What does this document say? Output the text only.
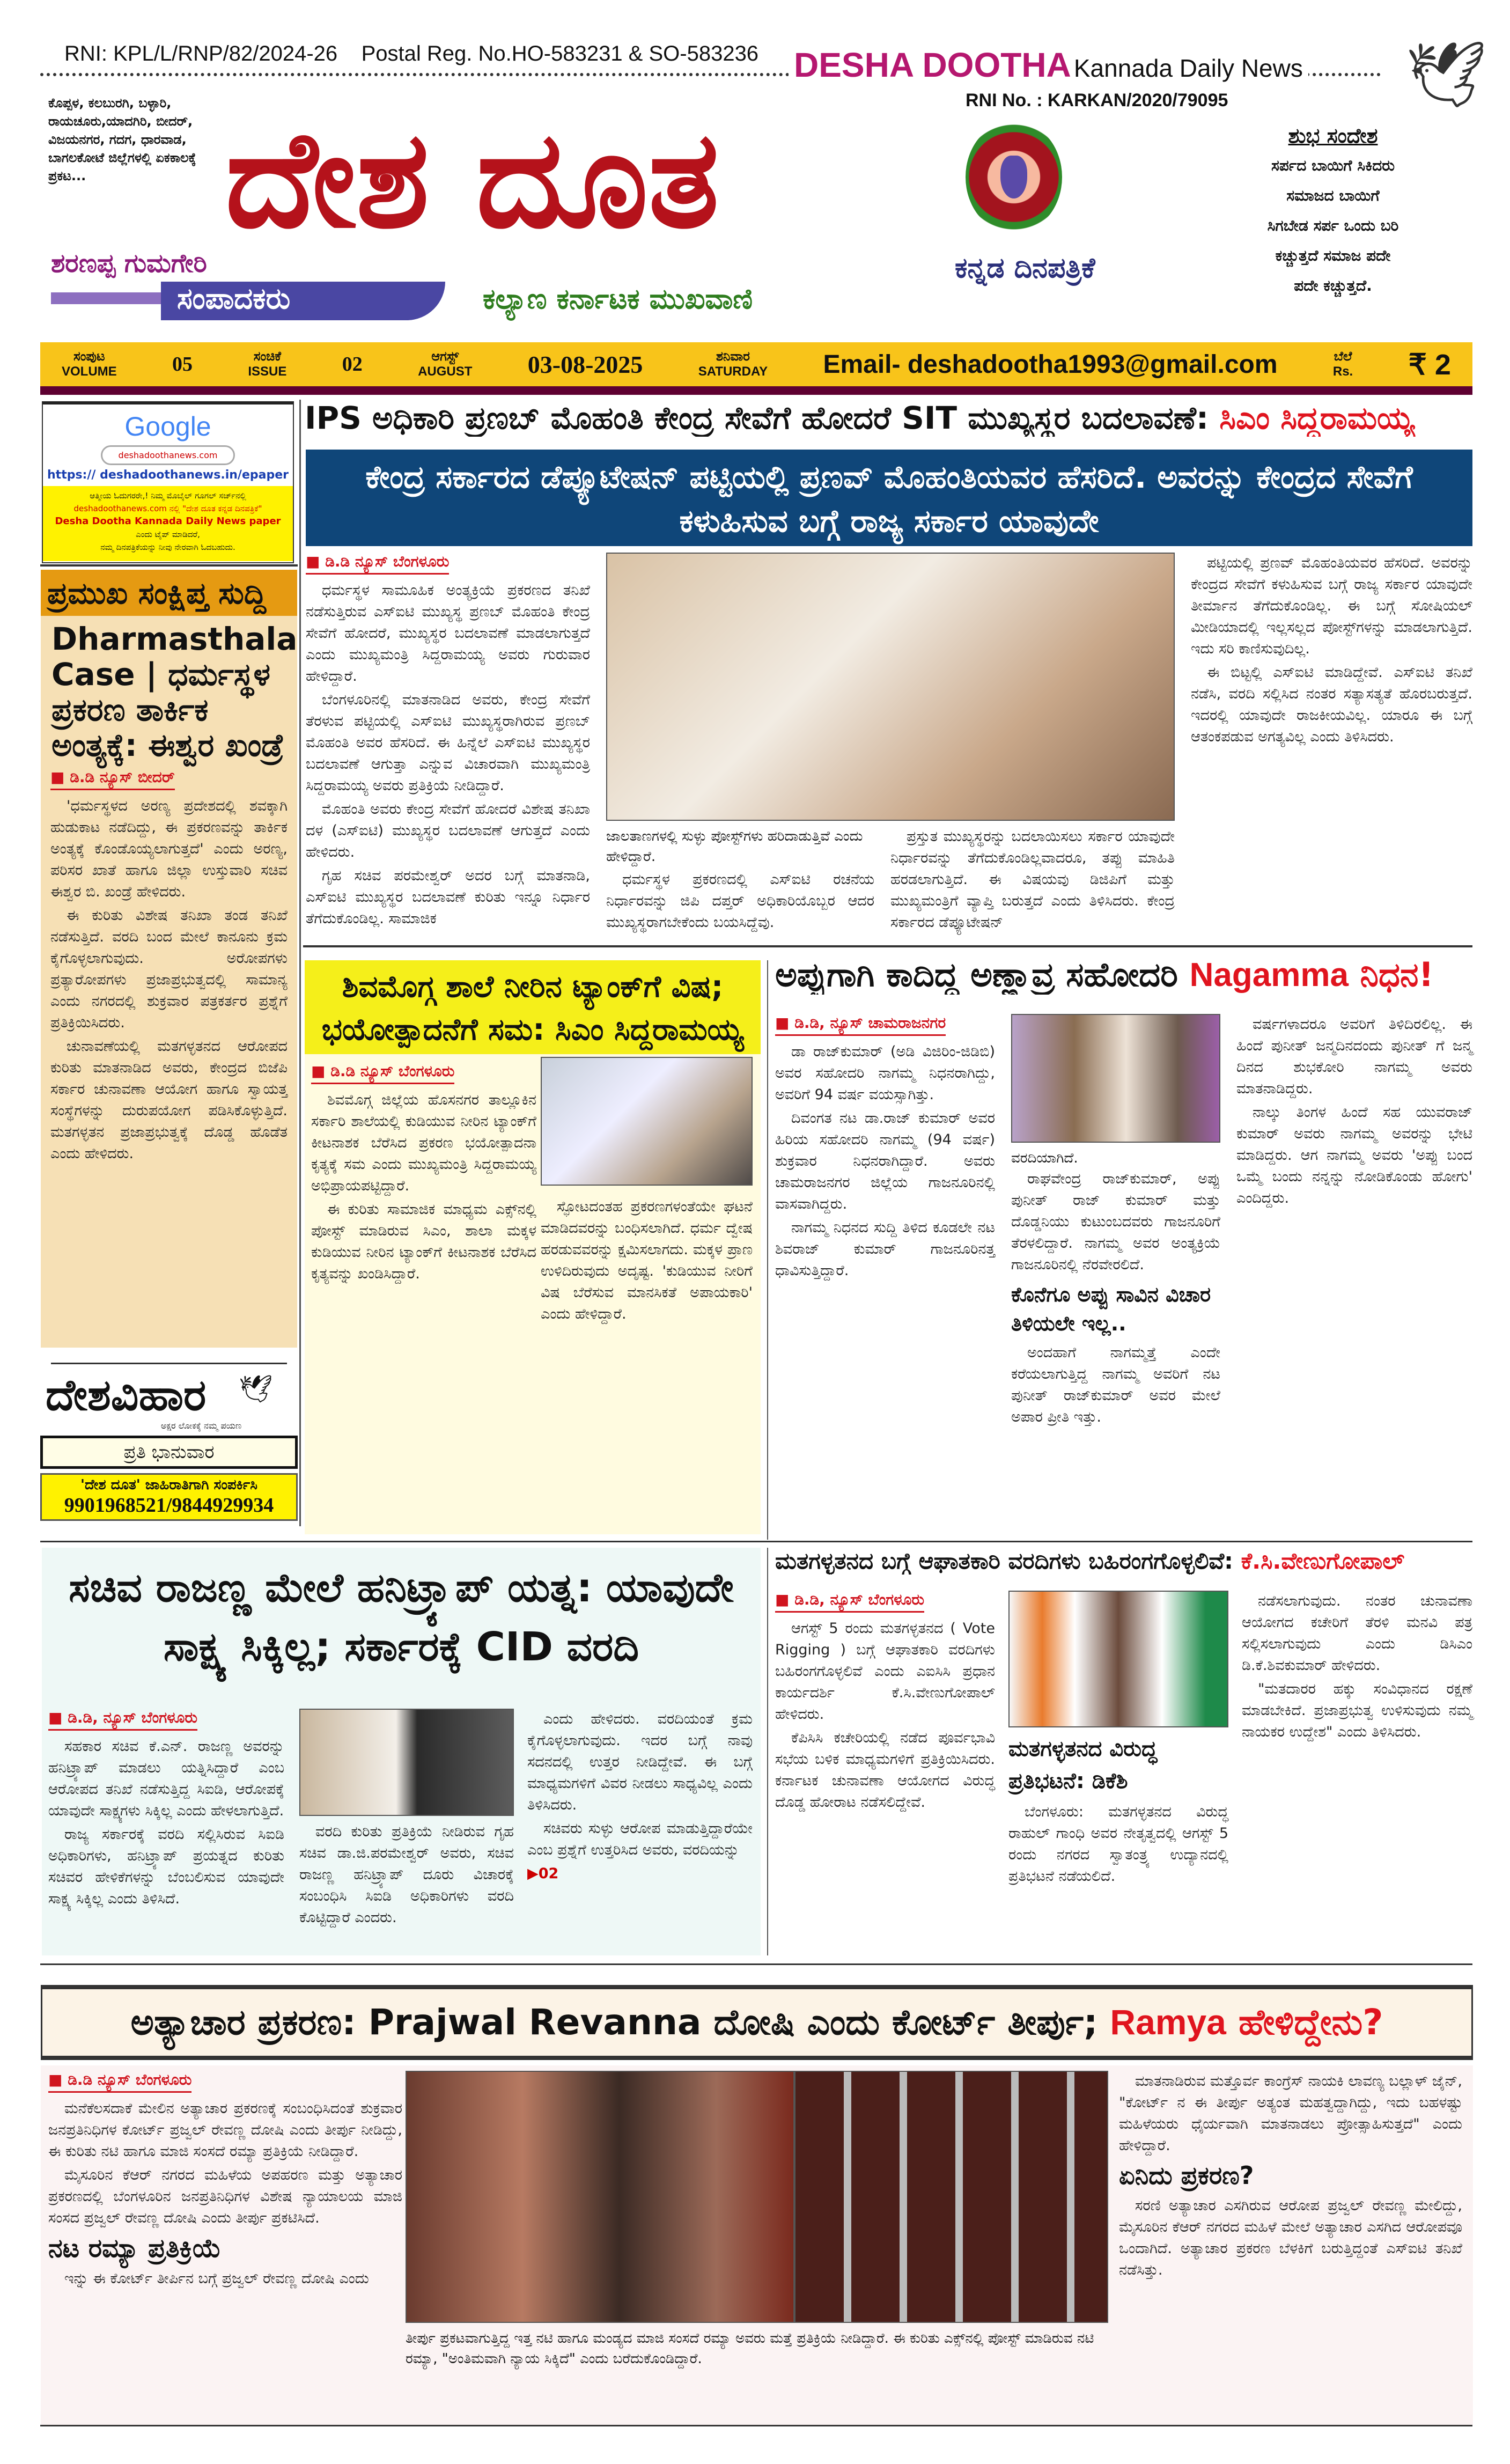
RNI: KPL/L/RNP/82/2024-26 Postal Reg. No.HO-583231 & SO-583236 DESHA DOOTHA Kannada Daily News 🕊
RNI No. : KARKAN/2020/79095
ಕೊಪ್ಪಳ, ಕಲಬುರಗಿ, ಬಳ್ಳಾರಿ, ರಾಯಚೂರು,ಯಾದಗಿರಿ, ಬೀದರ್, ವಿಜಯನಗರ, ಗದಗ, ಧಾರವಾಡ, ಬಾಗಲಕೋಟೆ ಜಿಲ್ಲೆಗಳಲ್ಲಿ ಏಕಕಾಲಕ್ಕೆ ಪ್ರಕಟ...	ದೇಶ ದೂತ
ಶರಣಪ್ಪ ಗುಮಗೇರಿ
ಸಂಪಾದಕರು	ಕಲ್ಯಾಣ ಕರ್ನಾಟಕ ಮುಖವಾಣಿ
ಕನ್ನಡ ದಿನಪತ್ರಿಕೆ
ಶುಭ ಸಂದೇಶ
ಸರ್ಪದ ಬಾಯಿಗೆ ಸಿಕಿದರು
ಸಮಾಜದ ಬಾಯಿಗೆ
ಸಿಗಬೇಡ ಸರ್ಪ ಒಂದು ಬರಿ
ಕಚ್ಚುತ್ತದೆ ಸಮಾಜ ಪದೇ
ಪದೇ ಕಚ್ಚುತ್ತದೆ.
ಸಂಪುಟ
VOLUME	05	ಸಂಚಿಕೆ
ISSUE	02	ಆಗಸ್ಟ್
AUGUST 03-08-2025	ಶನಿವಾರ
SATURDAY Email- deshadootha1993@gmail.com	ಬೆಲೆ
Rs. ₹ 2
Google
deshadoothanews.com
https:// deshadoothanews.in/epaper
ಆತ್ಮೀಯ ಓದುಗರರೇ,! ನಿಮ್ಮ ಮೊಬೈಲ್ ಗೂಗಲ್ ಸರ್ಚ್‌ನಲ್ಲಿ
deshadoothanews.com ನಲ್ಲಿ "ದೇಶ ದೂತ ಕನ್ನಡ ದಿನಪತ್ರಿಕೆ"
Desha Dootha Kannada Daily News paper
ಎಂದು ಟೈಪ್ ಮಾಡಿದರೆ,
ನಮ್ಮ ದಿನಪತ್ರಿಕೆಯನ್ನು ನೀವು ನೇರವಾಗಿ ಓದಬಹುದು.
ಪ್ರಮುಖ ಸಂಕ್ಷಿಪ್ತ ಸುದ್ದಿ
Dharmasthala Case | ಧರ್ಮಸ್ಥಳ ಪ್ರಕರಣ ತಾರ್ಕಿಕ ಅಂತ್ಯಕ್ಕೆ: ಈಶ್ವರ ಖಂಡ್ರೆ
■ ಡಿ.ಡಿ ನ್ಯೂಸ್ ಬೀದರ್

'ಧರ್ಮಸ್ಥಳದ ಅರಣ್ಯ ಪ್ರದೇಶದಲ್ಲಿ ಶವಕ್ಕಾಗಿ ಹುಡುಕಾಟ ನಡೆದಿದ್ದು, ಈ ಪ್ರಕರಣವನ್ನು ತಾರ್ಕಿಕ ಅಂತ್ಯಕ್ಕೆ ಕೊಂಡೊಯ್ಯಲಾಗುತ್ತದೆ' ಎಂದು ಅರಣ್ಯ, ಪರಿಸರ ಖಾತೆ ಹಾಗೂ ಜಿಲ್ಲಾ ಉಸ್ತುವಾರಿ ಸಚಿವ ಈಶ್ವರ ಬಿ. ಖಂಡ್ರೆ ಹೇಳಿದರು.

ಈ ಕುರಿತು ವಿಶೇಷ ತನಿಖಾ ತಂಡ ತನಿಖೆ ನಡೆಸುತ್ತಿದೆ. ವರದಿ ಬಂದ ಮೇಲೆ ಕಾನೂನು ಕ್ರಮ ಕೈಗೊಳ್ಳಲಾಗುವುದು. ಅರೋಪಗಳು ಪ್ರತ್ಯಾರೋಪಗಳು ಪ್ರಜಾಪ್ರಭುತ್ವದಲ್ಲಿ ಸಾಮಾನ್ಯ ಎಂದು ನಗರದಲ್ಲಿ ಶುಕ್ರವಾರ ಪತ್ರಕರ್ತರ ಪ್ರಶ್ನೆಗೆ ಪ್ರತಿಕ್ರಿಯಿಸಿದರು.

ಚುನಾವಣೆಯಲ್ಲಿ ಮತಗಳ್ಳತನದ ಆರೋಪದ ಕುರಿತು ಮಾತನಾಡಿದ ಅವರು, ಕೇಂದ್ರದ ಬಿಜೆಪಿ ಸರ್ಕಾರ ಚುನಾವಣಾ ಆಯೋಗ ಹಾಗೂ ಸ್ವಾಯತ್ತ ಸಂಸ್ಥೆಗಳನ್ನು ದುರುಪಯೋಗ ಪಡಿಸಿಕೊಳ್ಳುತ್ತಿದೆ. ಮತಗಳ್ಳತನ ಪ್ರಜಾಪ್ರಭುತ್ವಕ್ಕೆ ದೊಡ್ಡ ಹೊಡೆತ ಎಂದು ಹೇಳಿದರು.

ದೇಶವಿಹಾರ	🕊
ಅಕ್ಷರ ಲೋಕಕ್ಕೆ ನಮ್ಮ ಪಯಣ
ಪ್ರತಿ ಭಾನುವಾರ
'ದೇಶ ದೂತ' ಜಾಹಿರಾತಿಗಾಗಿ ಸಂಪರ್ಕಿಸಿ
9901968521/9844929934
IPS ಅಧಿಕಾರಿ ಪ್ರಣಬ್ ಮೊಹಂತಿ ಕೇಂದ್ರ ಸೇವೆಗೆ ಹೋದರೆ SIT ಮುಖ್ಯಸ್ಥರ ಬದಲಾವಣೆ: ಸಿಎಂ ಸಿದ್ದರಾಮಯ್ಯ
ಕೇಂದ್ರ ಸರ್ಕಾರದ ಡೆಪ್ಯೂಟೇಷನ್ ಪಟ್ಟಿಯಲ್ಲಿ ಪ್ರಣವ್ ಮೊಹಂತಿಯವರ ಹೆಸರಿದೆ. ಅವರನ್ನು ಕೇಂದ್ರದ ಸೇವೆಗೆ ಕಳುಹಿಸುವ ಬಗ್ಗೆ ರಾಜ್ಯ ಸರ್ಕಾರ ಯಾವುದೇ
■ ಡಿ.ಡಿ ನ್ಯೂಸ್ ಬೆಂಗಳೂರು

ಧರ್ಮಸ್ಥಳ ಸಾಮೂಹಿಕ ಅಂತ್ಯಕ್ರಿಯೆ ಪ್ರಕರಣದ ತನಿಖೆ ನಡೆಸುತ್ತಿರುವ ಎಸ್‌ಐಟಿ ಮುಖ್ಯಸ್ಥ ಪ್ರಣಬ್ ಮೊಹಂತಿ ಕೇಂದ್ರ ಸೇವೆಗೆ ಹೋದರೆ, ಮುಖ್ಯಸ್ಥರ ಬದಲಾವಣೆ ಮಾಡಲಾಗುತ್ತದೆ ಎಂದು ಮುಖ್ಯಮಂತ್ರಿ ಸಿದ್ದರಾಮಯ್ಯ ಅವರು ಗುರುವಾರ ಹೇಳಿದ್ದಾರೆ.

ಬೆಂಗಳೂರಿನಲ್ಲಿ ಮಾತನಾಡಿದ ಅವರು, ಕೇಂದ್ರ ಸೇವೆಗೆ ತೆರಳುವ ಪಟ್ಟಿಯಲ್ಲಿ ಎಸ್‌ಐಟಿ ಮುಖ್ಯಸ್ಥರಾಗಿರುವ ಪ್ರಣಬ್ ಮೊಹಂತಿ ಅವರ ಹೆಸರಿದೆ. ಈ ಹಿನ್ನೆಲೆ ಎಸ್‌ಐಟಿ ಮುಖ್ಯಸ್ಥರ ಬದಲಾವಣೆ ಆಗುತ್ತಾ ಎನ್ನುವ ವಿಚಾರವಾಗಿ ಮುಖ್ಯಮಂತ್ರಿ ಸಿದ್ದರಾಮಯ್ಯ ಅವರು ಪ್ರತಿಕ್ರಿಯೆ ನೀಡಿದ್ದಾರೆ.

ಮೊಹಂತಿ ಅವರು ಕೇಂದ್ರ ಸೇವೆಗೆ ಹೋದರೆ ವಿಶೇಷ ತನಿಖಾ ದಳ (ಎಸ್‌ಐಟಿ) ಮುಖ್ಯಸ್ಥರ ಬದಲಾವಣೆ ಆಗುತ್ತದೆ ಎಂದು ಹೇಳಿದರು.

ಗೃಹ ಸಚಿವ ಪರಮೇಶ್ವರ್ ಅದರ ಬಗ್ಗೆ ಮಾತನಾಡಿ, ಎಸ್‌ಐಟಿ ಮುಖ್ಯಸ್ಥರ ಬದಲಾವಣೆ ಕುರಿತು ಇನ್ನೂ ನಿರ್ಧಾರ ತೆಗೆದುಕೊಂಡಿಲ್ಲ. ಸಾಮಾಜಿಕ

ಜಾಲತಾಣಗಳಲ್ಲಿ ಸುಳ್ಳು ಪೋಸ್ಟ್‌ಗಳು ಹರಿದಾಡುತ್ತಿವೆ ಎಂದು ಹೇಳಿದ್ದಾರೆ.

ಧರ್ಮಸ್ಥಳ ಪ್ರಕರಣದಲ್ಲಿ ಎಸ್‌ಐಟಿ ರಚನೆಯ ನಿರ್ಧಾರವನ್ನು ಜಿಪಿ ದಪ್ತರ್ ಅಧಿಕಾರಿಯೊಬ್ಬರ ಆದರ ಮುಖ್ಯಸ್ಥರಾಗಬೇಕೆಂದು ಬಯಸಿದ್ದೆವು.

ಪ್ರಸ್ತುತ ಮುಖ್ಯಸ್ಥರನ್ನು ಬದಲಾಯಿಸಲು ಸರ್ಕಾರ ಯಾವುದೇ ನಿರ್ಧಾರವನ್ನು ತೆಗೆದುಕೊಂಡಿಲ್ಲವಾದರೂ, ತಪ್ಪು ಮಾಹಿತಿ ಹರಡಲಾಗುತ್ತಿದೆ. ಈ ವಿಷಯವು ಡಿಜಿಪಿಗೆ ಮತ್ತು ಮುಖ್ಯಮಂತ್ರಿಗೆ ವ್ಯಾಪ್ತಿ ಬರುತ್ತದೆ ಎಂದು ತಿಳಿಸಿದರು. ಕೇಂದ್ರ ಸರ್ಕಾರದ ಡೆಪ್ಯೂಟೇಷನ್

ಪಟ್ಟಿಯಲ್ಲಿ ಪ್ರಣವ್ ಮೊಹಂತಿಯವರ ಹೆಸರಿದೆ. ಅವರನ್ನು ಕೇಂದ್ರದ ಸೇವೆಗೆ ಕಳುಹಿಸುವ ಬಗ್ಗೆ ರಾಜ್ಯ ಸರ್ಕಾರ ಯಾವುದೇ ತೀರ್ಮಾನ ತೆಗೆದುಕೊಂಡಿಲ್ಲ. ಈ ಬಗ್ಗೆ ಸೋಷಿಯಲ್ ಮೀಡಿಯಾದಲ್ಲಿ ಇಲ್ಲಸಲ್ಲದ ಪೋಸ್ಟ್‌ಗಳನ್ನು ಮಾಡಲಾಗುತ್ತಿದೆ. ಇದು ಸರಿ ಕಾಣಿಸುವುದಿಲ್ಲ.

ಈ ಬಿಟ್ಟಲ್ಲಿ ಎಸ್‌ಐಟಿ ಮಾಡಿದ್ದೇವೆ. ಎಸ್‌ಐಟಿ ತನಿಖೆ ನಡೆಸಿ, ವರದಿ ಸಲ್ಲಿಸಿದ ನಂತರ ಸತ್ಯಾಸತ್ಯತೆ ಹೊರಬರುತ್ತದೆ. ಇದರಲ್ಲಿ ಯಾವುದೇ ರಾಜಕೀಯವಿಲ್ಲ. ಯಾರೂ ಈ ಬಗ್ಗೆ ಆತಂಕಪಡುವ ಅಗತ್ಯವಿಲ್ಲ ಎಂದು ತಿಳಿಸಿದರು.

ಶಿವಮೊಗ್ಗ ಶಾಲೆ ನೀರಿನ ಟ್ಯಾಂಕ್‌ಗೆ ವಿಷ; ಭಯೋತ್ಪಾದನೆಗೆ ಸಮ: ಸಿಎಂ ಸಿದ್ದರಾಮಯ್ಯ
■ ಡಿ.ಡಿ ನ್ಯೂಸ್ ಬೆಂಗಳೂರು

ಶಿವಮೊಗ್ಗ ಜಿಲ್ಲೆಯ ಹೊಸನಗರ ತಾಲ್ಲೂಕಿನ ಸರ್ಕಾರಿ ಶಾಲೆಯಲ್ಲಿ ಕುಡಿಯುವ ನೀರಿನ ಟ್ಯಾಂಕ್‌ಗೆ ಕೀಟನಾಶಕ ಬೆರೆಸಿದ ಪ್ರಕರಣ ಭಯೋತ್ಪಾದನಾ ಕೃತ್ಯಕ್ಕೆ ಸಮ ಎಂದು ಮುಖ್ಯಮಂತ್ರಿ ಸಿದ್ದರಾಮಯ್ಯ ಅಭಿಪ್ರಾಯಪಟ್ಟಿದ್ದಾರೆ.

ಈ ಕುರಿತು ಸಾಮಾಜಿಕ ಮಾಧ್ಯಮ ಎಕ್ಸ್‌ನಲ್ಲಿ ಪೋಸ್ಟ್ ಮಾಡಿರುವ ಸಿಎಂ, ಶಾಲಾ ಮಕ್ಕಳ ಕುಡಿಯುವ ನೀರಿನ ಟ್ಯಾಂಕ್‌ಗೆ ಕೀಟನಾಶಕ ಬೆರೆಸಿದ ಕೃತ್ಯವನ್ನು ಖಂಡಿಸಿದ್ದಾರೆ.

ಸ್ಫೋಟದಂತಹ ಪ್ರಕರಣಗಳಂತೆಯೇ ಘಟನೆ ಮಾಡಿದವರನ್ನು ಬಂಧಿಸಲಾಗಿದೆ. ಧರ್ಮ ದ್ವೇಷ ಹರಡುವವರನ್ನು ಕ್ಷಮಿಸಲಾಗದು. ಮಕ್ಕಳ ಪ್ರಾಣ ಉಳಿದಿರುವುದು ಅದೃಷ್ಟ. 'ಕುಡಿಯುವ ನೀರಿಗೆ ವಿಷ ಬೆರೆಸುವ ಮಾನಸಿಕತೆ ಅಪಾಯಕಾರಿ' ಎಂದು ಹೇಳಿದ್ದಾರೆ.

ಅಪ್ಪುಗಾಗಿ ಕಾದಿದ್ದ ಅಣ್ಣಾವ್ರ ಸಹೋದರಿ Nagamma ನಿಧನ!
■ ಡಿ.ಡಿ, ನ್ಯೂಸ್ ಚಾಮರಾಜನಗರ

ಡಾ ರಾಜ್‌ಕುಮಾರ್ (ಅಡಿ ವಿಜಿರಿಂ-ಜಿಡಿಬಿ) ಅವರ ಸಹೋದರಿ ನಾಗಮ್ಮ ನಿಧನರಾಗಿದ್ದು, ಅವರಿಗೆ 94 ವರ್ಷ ವಯಸ್ಸಾಗಿತ್ತು.

ದಿವಂಗತ ನಟ ಡಾ.ರಾಜ್ ಕುಮಾರ್ ಅವರ ಹಿರಿಯ ಸಹೋದರಿ ನಾಗಮ್ಮ (94 ವರ್ಷ) ಶುಕ್ರವಾರ ನಿಧನರಾಗಿದ್ದಾರೆ. ಅವರು ಚಾಮರಾಜನಗರ ಜಿಲ್ಲೆಯ ಗಾಜನೂರಿನಲ್ಲಿ ವಾಸವಾಗಿದ್ದರು.

ನಾಗಮ್ಮ ನಿಧನದ ಸುದ್ದಿ ತಿಳಿದ ಕೂಡಲೇ ನಟ ಶಿವರಾಜ್ ಕುಮಾರ್ ಗಾಜನೂರಿನತ್ತ ಧಾವಿಸುತ್ತಿದ್ದಾರೆ.

ವರದಿಯಾಗಿದೆ.

ರಾಘವೇಂದ್ರ ರಾಜ್‌ಕುಮಾರ್, ಅಪ್ಪು ಪುನೀತ್ ರಾಜ್ ಕುಮಾರ್ ಮತ್ತು ದೊಡ್ಡನಿಯು ಕುಟುಂಬದವರು ಗಾಜನೂರಿಗೆ ತೆರಳಲಿದ್ದಾರೆ. ನಾಗಮ್ಮ ಅವರ ಅಂತ್ಯಕ್ರಿಯೆ ಗಾಜನೂರಿನಲ್ಲಿ ನೆರವೇರಲಿದೆ.

ಕೊನೆಗೂ ಅಪ್ಪು ಸಾವಿನ ವಿಚಾರ ತಿಳಿಯಲೇ ಇಲ್ಲ..

ಅಂದಹಾಗೆ ನಾಗಮ್ಮತ್ತೆ ಎಂದೇ ಕರೆಯಲಾಗುತ್ತಿದ್ದ ನಾಗಮ್ಮ ಅವರಿಗೆ ನಟ ಪುನೀತ್ ರಾಜ್‌ಕುಮಾರ್ ಅವರ ಮೇಲೆ ಅಪಾರ ಪ್ರೀತಿ ಇತ್ತು.

ವರ್ಷಗಳಾದರೂ ಅವರಿಗೆ ತಿಳಿದಿರಲಿಲ್ಲ. ಈ ಹಿಂದೆ ಪುನೀತ್ ಜನ್ಮದಿನದಂದು ಪುನೀತ್ ಗೆ ಜನ್ಮ ದಿನದ ಶುಭಕೋರಿ ನಾಗಮ್ಮ ಅವರು ಮಾತನಾಡಿದ್ದರು.

ನಾಲ್ಕು ತಿಂಗಳ ಹಿಂದೆ ಸಹ ಯುವರಾಜ್ ಕುಮಾರ್ ಅವರು ನಾಗಮ್ಮ ಅವರನ್ನು ಭೇಟಿ ಮಾಡಿದ್ದರು. ಆಗ ನಾಗಮ್ಮ ಅವರು 'ಅಪ್ಪು ಬಂದ ಒಮ್ಮೆ ಬಂದು ನನ್ನನ್ನು ನೋಡಿಕೊಂಡು ಹೋಗು' ಎಂದಿದ್ದರು.

ಸಚಿವ ರಾಜಣ್ಣ ಮೇಲೆ ಹನಿಟ್ರ್ಯಾಪ್ ಯತ್ನ: ಯಾವುದೇ ಸಾಕ್ಷ್ಯ ಸಿಕ್ಕಿಲ್ಲ; ಸರ್ಕಾರಕ್ಕೆ CID ವರದಿ
■ ಡಿ.ಡಿ, ನ್ಯೂಸ್ ಬೆಂಗಳೂರು

ಸಹಕಾರ ಸಚಿವ ಕೆ.ಎನ್. ರಾಜಣ್ಣ ಅವರನ್ನು ಹನಿಟ್ರ್ಯಾಪ್ ಮಾಡಲು ಯತ್ನಿಸಿದ್ದಾರೆ ಎಂಬ ಆರೋಪದ ತನಿಖೆ ನಡೆಸುತ್ತಿದ್ದ ಸಿಐಡಿ, ಆರೋಪಕ್ಕೆ ಯಾವುದೇ ಸಾಕ್ಷ್ಯಗಳು ಸಿಕ್ಕಿಲ್ಲ ಎಂದು ಹೇಳಲಾಗುತ್ತಿದೆ.

ರಾಜ್ಯ ಸರ್ಕಾರಕ್ಕೆ ವರದಿ ಸಲ್ಲಿಸಿರುವ ಸಿಐಡಿ ಅಧಿಕಾರಿಗಳು, ಹನಿಟ್ರ್ಯಾಪ್ ಪ್ರಯತ್ನದ ಕುರಿತು ಸಚಿವರ ಹೇಳಿಕೆಗಳನ್ನು ಬೆಂಬಲಿಸುವ ಯಾವುದೇ ಸಾಕ್ಷ್ಯ ಸಿಕ್ಕಿಲ್ಲ ಎಂದು ತಿಳಿಸಿದೆ.

ವರದಿ ಕುರಿತು ಪ್ರತಿಕ್ರಿಯೆ ನೀಡಿರುವ ಗೃಹ ಸಚಿವ ಡಾ.ಜಿ.ಪರಮೇಶ್ವರ್ ಅವರು, ಸಚಿವ ರಾಜಣ್ಣ ಹನಿಟ್ರ್ಯಾಪ್ ದೂರು ವಿಚಾರಕ್ಕೆ ಸಂಬಂಧಿಸಿ ಸಿಐಡಿ ಅಧಿಕಾರಿಗಳು ವರದಿ ಕೊಟ್ಟಿದ್ದಾರೆ ಎಂದರು.

ಎಂದು ಹೇಳಿದರು. ವರದಿಯಂತೆ ಕ್ರಮ ಕೈಗೊಳ್ಳಲಾಗುವುದು. ಇದರ ಬಗ್ಗೆ ನಾವು ಸದನದಲ್ಲಿ ಉತ್ತರ ನೀಡಿದ್ದೇವೆ. ಈ ಬಗ್ಗೆ ಮಾಧ್ಯಮಗಳಿಗೆ ವಿವರ ನೀಡಲು ಸಾಧ್ಯವಿಲ್ಲ ಎಂದು ತಿಳಿಸಿದರು.

ಸಚಿವರು ಸುಳ್ಳು ಆರೋಪ ಮಾಡುತ್ತಿದ್ದಾರೆಯೇ ಎಂಬ ಪ್ರಶ್ನೆಗೆ ಉತ್ತರಿಸಿದ ಅವರು, ವರದಿಯನ್ನು

▶02
ಮತಗಳ್ಳತನದ ಬಗ್ಗೆ ಆಘಾತಕಾರಿ ವರದಿಗಳು ಬಹಿರಂಗಗೊಳ್ಳಲಿವೆ: ಕೆ.ಸಿ.ವೇಣುಗೋಪಾಲ್
■ ಡಿ.ಡಿ, ನ್ಯೂಸ್ ಬೆಂಗಳೂರು

ಆಗಸ್ಟ್ 5 ರಂದು ಮತಗಳ್ಳತನದ ( Vote Rigging ) ಬಗ್ಗೆ ಆಘಾತಕಾರಿ ವರದಿಗಳು ಬಹಿರಂಗಗೊಳ್ಳಲಿವೆ ಎಂದು ಎಐಸಿಸಿ ಪ್ರಧಾನ ಕಾರ್ಯದರ್ಶಿ ಕೆ.ಸಿ.ವೇಣುಗೋಪಾಲ್ ಹೇಳಿದರು.

ಕೆಪಿಸಿಸಿ ಕಚೇರಿಯಲ್ಲಿ ನಡೆದ ಪೂರ್ವಭಾವಿ ಸಭೆಯ ಬಳಿಕ ಮಾಧ್ಯಮಗಳಿಗೆ ಪ್ರತಿಕ್ರಿಯಿಸಿದರು. ಕರ್ನಾಟಕ ಚುನಾವಣಾ ಆಯೋಗದ ವಿರುದ್ಧ ದೊಡ್ಡ ಹೋರಾಟ ನಡೆಸಲಿದ್ದೇವೆ.

ಮತಗಳ್ಳತನದ ವಿರುದ್ಧ ಪ್ರತಿಭಟನೆ: ಡಿಕೆಶಿ

ಬೆಂಗಳೂರು: ಮತಗಳ್ಳತನದ ವಿರುದ್ಧ ರಾಹುಲ್ ಗಾಂಧಿ ಅವರ ನೇತೃತ್ವದಲ್ಲಿ ಆಗಸ್ಟ್ 5 ರಂದು ನಗರದ ಸ್ವಾತಂತ್ರ್ಯ ಉದ್ಯಾನದಲ್ಲಿ ಪ್ರತಿಭಟನೆ ನಡೆಯಲಿದೆ.

ನಡೆಸಲಾಗುವುದು. ನಂತರ ಚುನಾವಣಾ ಆಯೋಗದ ಕಚೇರಿಗೆ ತೆರಳಿ ಮನವಿ ಪತ್ರ ಸಲ್ಲಿಸಲಾಗುವುದು ಎಂದು ಡಿಸಿಎಂ ಡಿ.ಕೆ.ಶಿವಕುಮಾರ್ ಹೇಳಿದರು.

"ಮತದಾರರ ಹಕ್ಕು ಸಂವಿಧಾನದ ರಕ್ಷಣೆ ಮಾಡಬೇಕಿದೆ. ಪ್ರಜಾಪ್ರಭುತ್ವ ಉಳಿಸುವುದು ನಮ್ಮ ನಾಯಕರ ಉದ್ದೇಶ" ಎಂದು ತಿಳಿಸಿದರು.

ಅತ್ಯಾಚಾರ ಪ್ರಕರಣ: Prajwal Revanna ದೋಷಿ ಎಂದು ಕೋರ್ಟ್ ತೀರ್ಪು; Ramya ಹೇಳಿದ್ದೇನು?
■ ಡಿ.ಡಿ ನ್ಯೂಸ್ ಬೆಂಗಳೂರು

ಮನೆಕೆಲಸದಾಕೆ ಮೇಲಿನ ಅತ್ಯಾಚಾರ ಪ್ರಕರಣಕ್ಕೆ ಸಂಬಂಧಿಸಿದಂತೆ ಶುಕ್ರವಾರ ಜನಪ್ರತಿನಿಧಿಗಳ ಕೋರ್ಟ್ ಪ್ರಜ್ವಲ್ ರೇವಣ್ಣ ದೋಷಿ ಎಂದು ತೀರ್ಪು ನೀಡಿದ್ದು, ಈ ಕುರಿತು ನಟಿ ಹಾಗೂ ಮಾಜಿ ಸಂಸದೆ ರಮ್ಯಾ ಪ್ರತಿಕ್ರಿಯೆ ನೀಡಿದ್ದಾರೆ.

ಮೈಸೂರಿನ ಕೆಆರ್ ನಗರದ ಮಹಿಳೆಯ ಅಪಹರಣ ಮತ್ತು ಅತ್ಯಾಚಾರ ಪ್ರಕರಣದಲ್ಲಿ ಬೆಂಗಳೂರಿನ ಜನಪ್ರತಿನಿಧಿಗಳ ವಿಶೇಷ ನ್ಯಾಯಾಲಯ ಮಾಜಿ ಸಂಸದ ಪ್ರಜ್ವಲ್ ರೇವಣ್ಣ ದೋಷಿ ಎಂದು ತೀರ್ಪು ಪ್ರಕಟಿಸಿದೆ.

ನಟ ರಮ್ಯಾ ಪ್ರತಿಕ್ರಿಯೆ

ಇನ್ನು ಈ ಕೋರ್ಟ್ ತೀರ್ಪಿನ ಬಗ್ಗೆ ಪ್ರಜ್ವಲ್ ರೇವಣ್ಣ ದೋಷಿ ಎಂದು

ತೀರ್ಪು ಪ್ರಕಟವಾಗುತ್ತಿದ್ದ ಇತ್ತ ನಟಿ ಹಾಗೂ ಮಂಡ್ಯದ ಮಾಜಿ ಸಂಸದೆ ರಮ್ಯಾ ಅವರು ಮತ್ತೆ ಪ್ರತಿಕ್ರಿಯೆ ನೀಡಿದ್ದಾರೆ. ಈ ಕುರಿತು ಎಕ್ಸ್‌ನಲ್ಲಿ ಪೋಸ್ಟ್ ಮಾಡಿರುವ ನಟಿ ರಮ್ಯಾ, "ಅಂತಿಮವಾಗಿ ನ್ಯಾಯ ಸಿಕ್ಕಿದೆ" ಎಂದು ಬರೆದುಕೊಂಡಿದ್ದಾರೆ.

ಮಾತನಾಡಿರುವ ಮತ್ತೊರ್ವ ಕಾಂಗ್ರೆಸ್ ನಾಯಕಿ ಲಾವಣ್ಯ ಬಲ್ಲಾಳ್ ಜೈನ್, "ಕೋರ್ಟ್ ನ ಈ ತೀರ್ಪು ಅತ್ಯಂತ ಮಹತ್ವದ್ದಾಗಿದ್ದು, ಇದು ಬಹಳಷ್ಟು ಮಹಿಳೆಯರು ಧೈರ್ಯವಾಗಿ ಮಾತನಾಡಲು ಪ್ರೋತ್ಸಾಹಿಸುತ್ತದೆ" ಎಂದು ಹೇಳಿದ್ದಾರೆ.

ಏನಿದು ಪ್ರಕರಣ?

ಸರಣಿ ಅತ್ಯಾಚಾರ ಎಸಗಿರುವ ಆರೋಪ ಪ್ರಜ್ವಲ್ ರೇವಣ್ಣ ಮೇಲಿದ್ದು, ಮೈಸೂರಿನ ಕೆಆರ್ ನಗರದ ಮಹಿಳೆ ಮೇಲೆ ಅತ್ಯಾಚಾರ ಎಸಗಿದ ಆರೋಪವೂ ಒಂದಾಗಿದೆ. ಅತ್ಯಾಚಾರ ಪ್ರಕರಣ ಬೆಳಕಿಗೆ ಬರುತ್ತಿದ್ದಂತೆ ಎಸ್‌ಐಟಿ ತನಿಖೆ ನಡೆಸಿತ್ತು.
